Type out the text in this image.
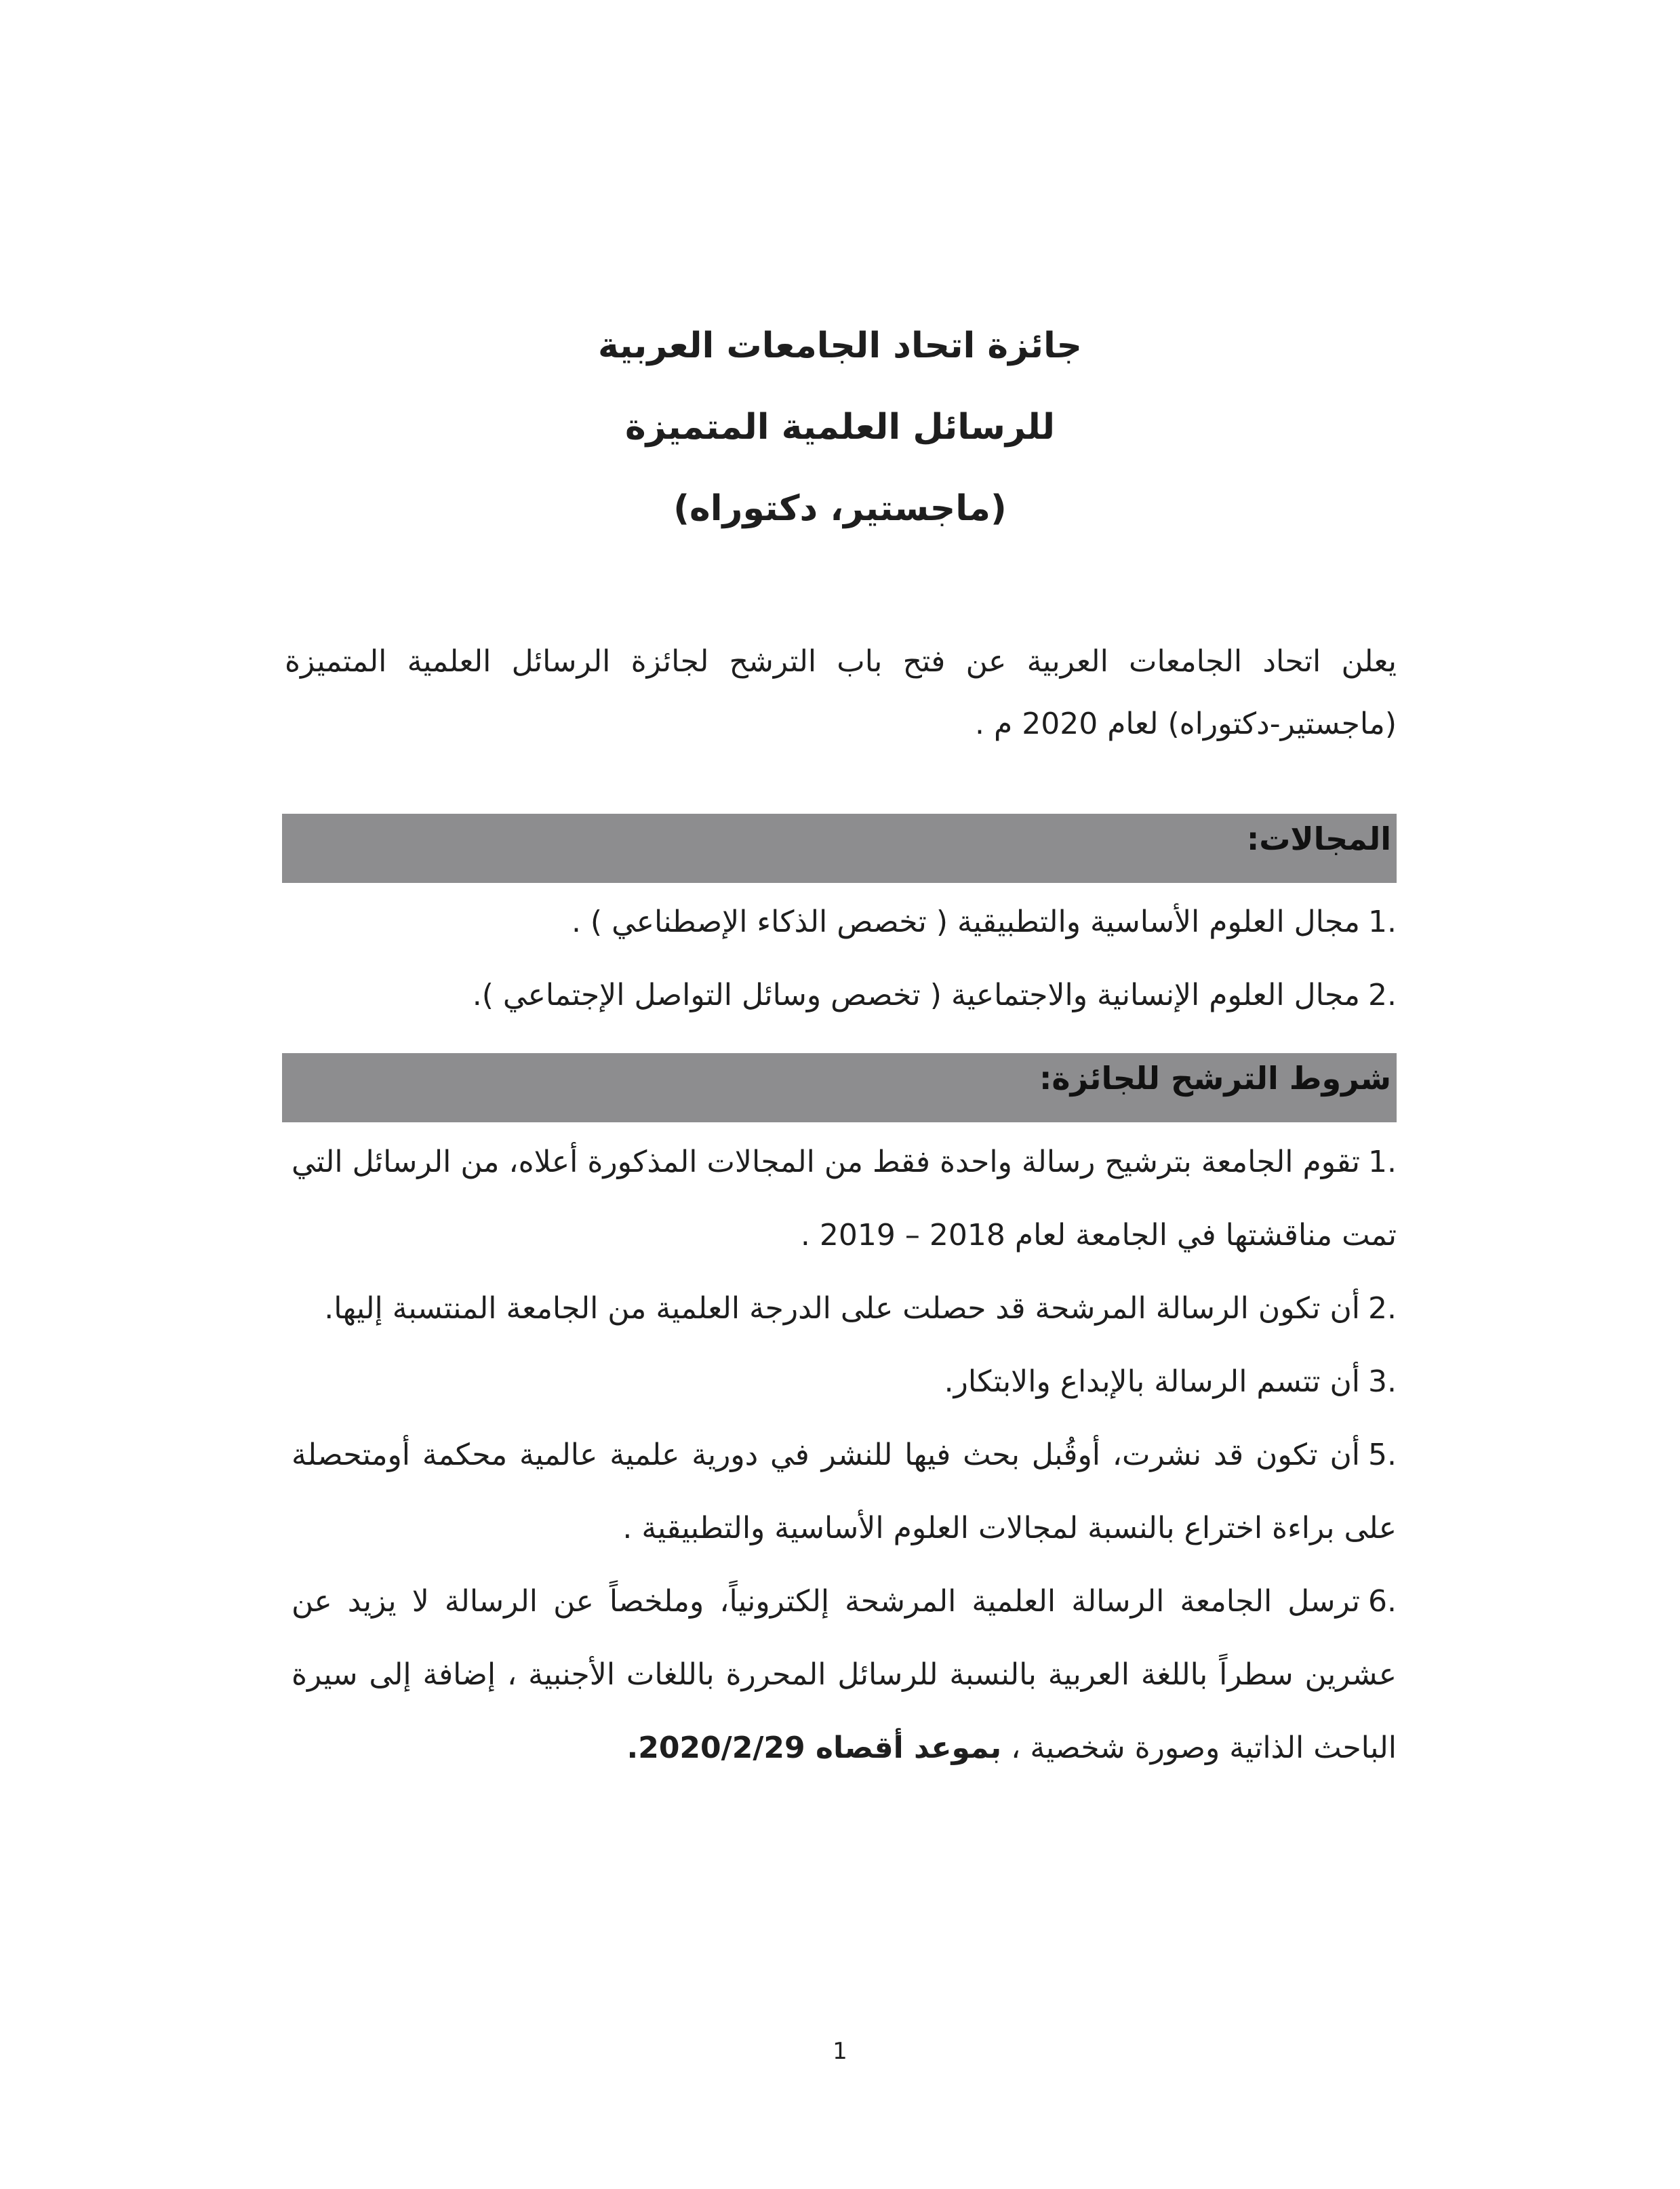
جائزة اتحاد الجامعات العربية

للرسائل العلمية المتميزة

(ماجستير، دكتوراه)

يعلن اتحاد الجامعات العربية عن فتح باب الترشح لجائزة الرسائل العلمية المتميزة (ماجستير-دكتوراه) لعام 2020 م .

المجالات:
.1مجال العلوم الأساسية والتطبيقية ( تخصص الذكاء الإصطناعي ) .
.2مجال العلوم الإنسانية والاجتماعية ( تخصص وسائل التواصل الإجتماعي ).
شروط الترشح للجائزة:
.1تقوم الجامعة بترشيح رسالة واحدة فقط من المجالات المذكورة أعلاه، من الرسائل التي تمت مناقشتها في الجامعة لعام 2018 – 2019 .
.2أن تكون الرسالة المرشحة قد حصلت على الدرجة العلمية من الجامعة المنتسبة إليها.
.3أن تتسم الرسالة بالإبداع والابتكار.
.5أن تكون قد نشرت، أوقُبل بحث فيها للنشر في دورية علمية عالمية محكمة أومتحصلة على براءة اختراع بالنسبة لمجالات العلوم الأساسية والتطبيقية .
.6ترسل الجامعة الرسالة العلمية المرشحة إلكترونياً، وملخصاً عن الرسالة لا يزيد عن عشرين سطراً باللغة العربية بالنسبة للرسائل المحررة باللغات الأجنبية ، إضافة إلى سيرة الباحث الذاتية وصورة شخصية ، بموعد أقصاه 2020/2/29.
1
